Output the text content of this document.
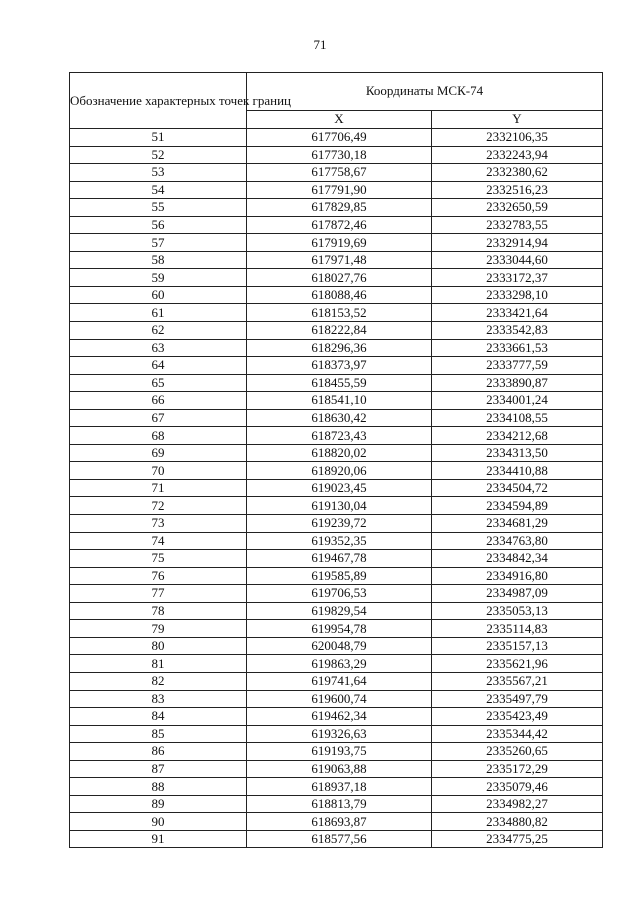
71
Обозначение характерных точек границ	Координаты МСК-74	
	X	Y
51	617706,49	2332106,35
52	617730,18	2332243,94
53	617758,67	2332380,62
54	617791,90	2332516,23
55	617829,85	2332650,59
56	617872,46	2332783,55
57	617919,69	2332914,94
58	617971,48	2333044,60
59	618027,76	2333172,37
60	618088,46	2333298,10
61	618153,52	2333421,64
62	618222,84	2333542,83
63	618296,36	2333661,53
64	618373,97	2333777,59
65	618455,59	2333890,87
66	618541,10	2334001,24
67	618630,42	2334108,55
68	618723,43	2334212,68
69	618820,02	2334313,50
70	618920,06	2334410,88
71	619023,45	2334504,72
72	619130,04	2334594,89
73	619239,72	2334681,29
74	619352,35	2334763,80
75	619467,78	2334842,34
76	619585,89	2334916,80
77	619706,53	2334987,09
78	619829,54	2335053,13
79	619954,78	2335114,83
80	620048,79	2335157,13
81	619863,29	2335621,96
82	619741,64	2335567,21
83	619600,74	2335497,79
84	619462,34	2335423,49
85	619326,63	2335344,42
86	619193,75	2335260,65
87	619063,88	2335172,29
88	618937,18	2335079,46
89	618813,79	2334982,27
90	618693,87	2334880,82
91	618577,56	2334775,25
